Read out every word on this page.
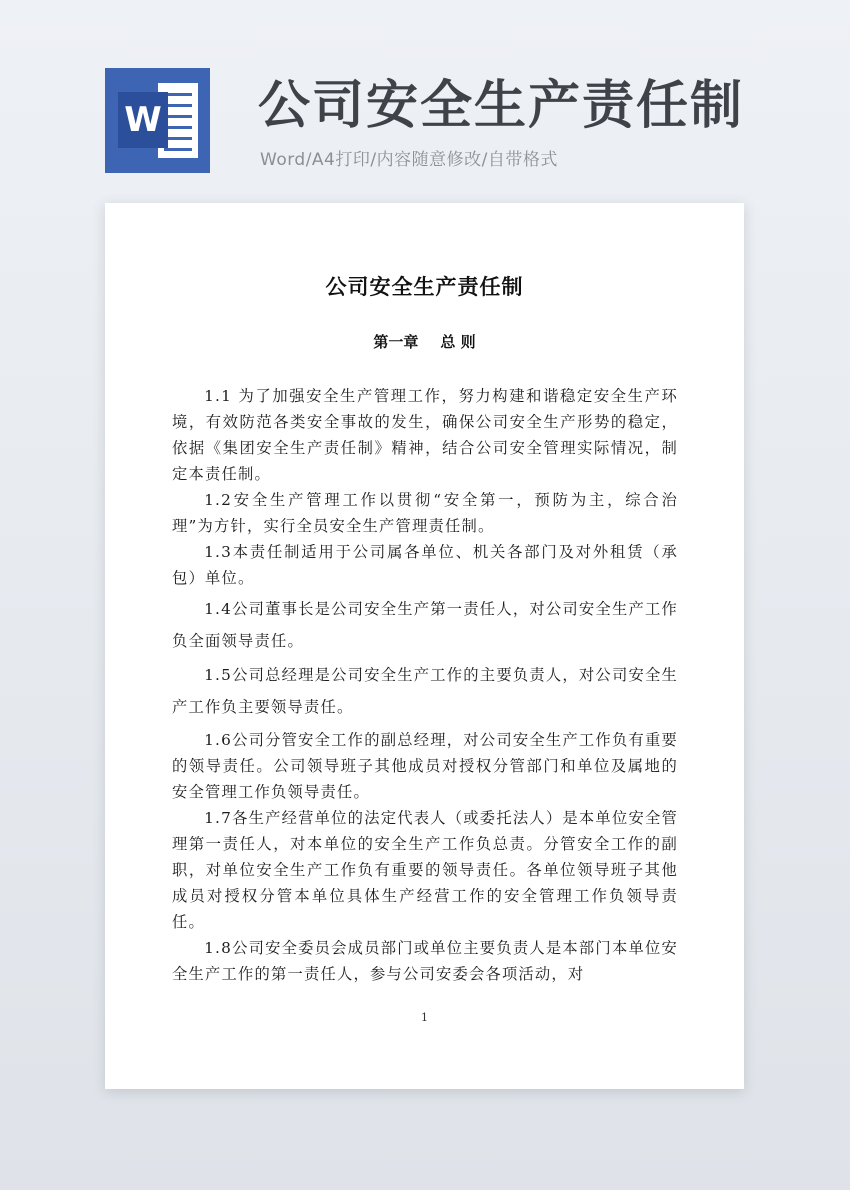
W 公司安全生产责任制

Word/A4打印/内容随意修改/自带格式

公司安全生产责任制

第一章 总 则

1.1 为了加强安全生产管理工作，努力构建和谐稳定安全生产环境，有效防范各类安全事故的发生，确保公司安全生产形势的稳定，依据《集团安全生产责任制》精神，结合公司安全管理实际情况，制定本责任制。

1.2安全生产管理工作以贯彻“安全第一，预防为主，综合治理”为方针，实行全员安全生产管理责任制。

1.3本责任制适用于公司属各单位、机关各部门及对外租赁（承包）单位。

1.4公司董事长是公司安全生产第一责任人，对公司安全生产工作负全面领导责任。

1.5公司总经理是公司安全生产工作的主要负责人，对公司安全生产工作负主要领导责任。

1.6公司分管安全工作的副总经理，对公司安全生产工作负有重要的领导责任。公司领导班子其他成员对授权分管部门和单位及属地的安全管理工作负领导责任。

1.7各生产经营单位的法定代表人（或委托法人）是本单位安全管理第一责任人，对本单位的安全生产工作负总责。分管安全工作的副职，对单位安全生产工作负有重要的领导责任。各单位领导班子其他成员对授权分管本单位具体生产经营工作的安全管理工作负领导责任。

1.8公司安全委员会成员部门或单位主要负责人是本部门本单位安全生产工作的第一责任人，参与公司安委会各项活动，对

1
